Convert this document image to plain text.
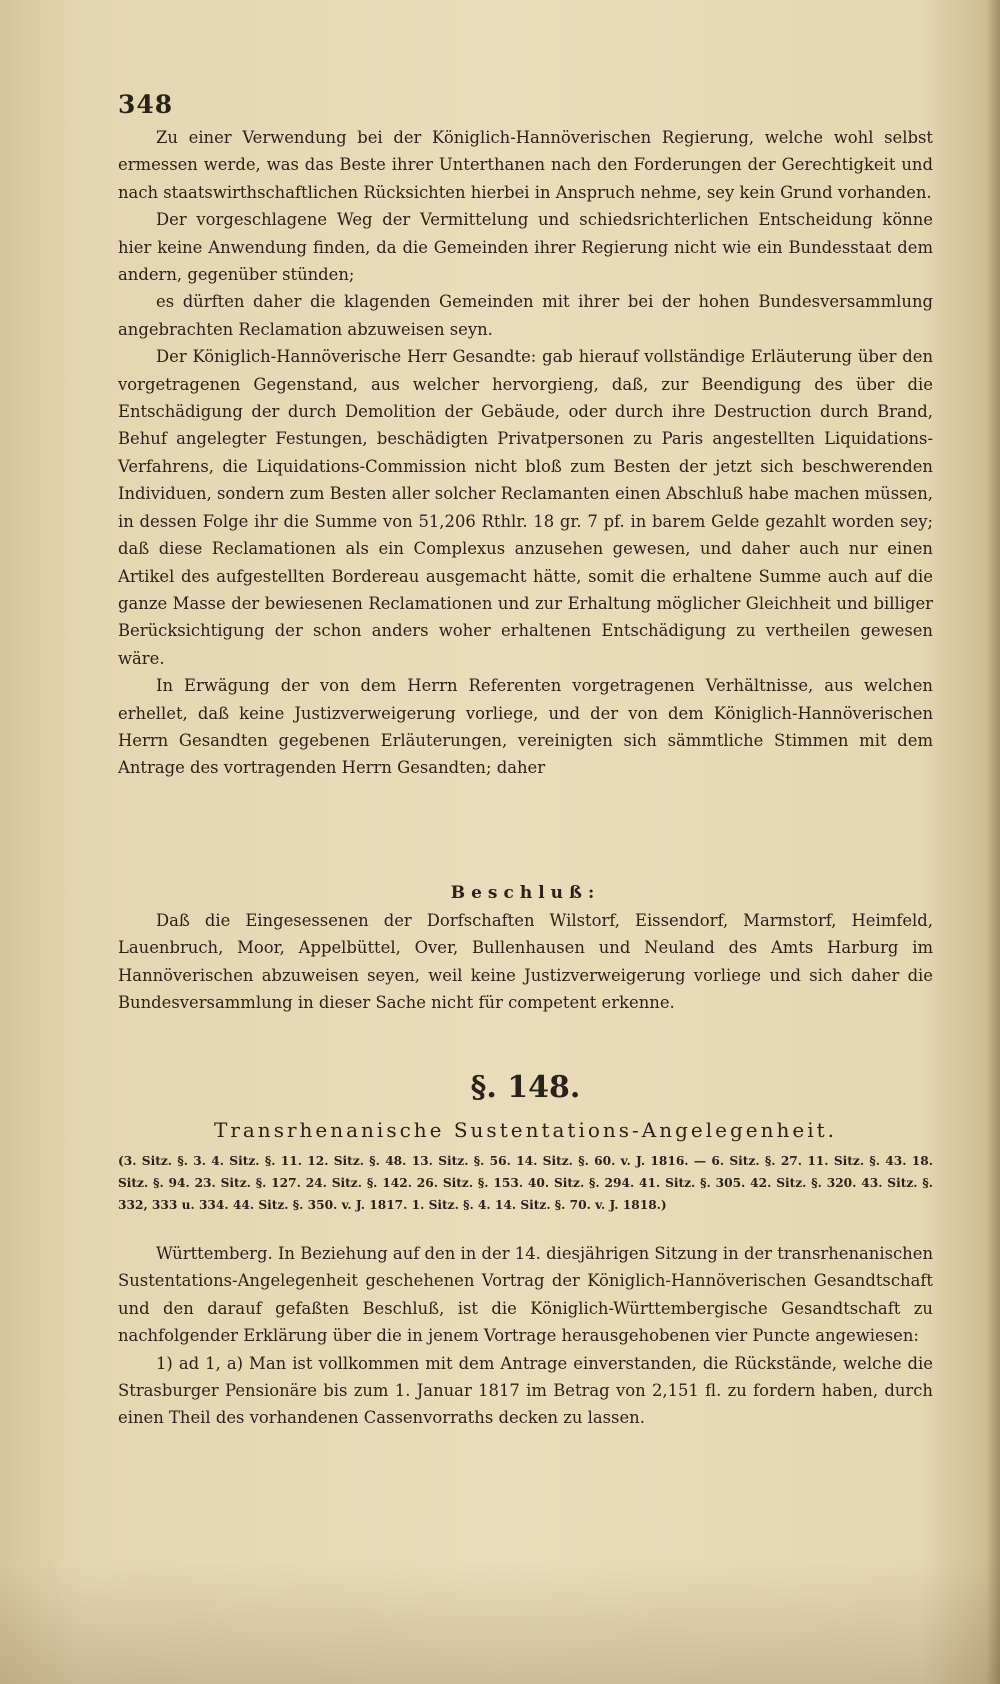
348

Zu einer Verwendung bei der Königlich-Hannöverischen Regierung, welche wohl selbst ermessen werde, was das Beste ihrer Unterthanen nach den Forderungen der Gerechtigkeit und nach staatswirthschaftlichen Rücksichten hierbei in Anspruch nehme, sey kein Grund vorhanden.

Der vorgeschlagene Weg der Vermittelung und schiedsrichterlichen Entscheidung könne hier keine Anwendung finden, da die Gemeinden ihrer Regierung nicht wie ein Bundesstaat dem andern, gegenüber stünden;

es dürften daher die klagenden Gemeinden mit ihrer bei der hohen Bundesversammlung angebrachten Reclamation abzuweisen seyn.

Der Königlich-Hannöverische Herr Gesandte: gab hierauf vollständige Erläuterung über den vorgetragenen Gegenstand, aus welcher hervorgieng, daß, zur Beendigung des über die Entschädigung der durch Demolition der Gebäude, oder durch ihre Destruction durch Brand, Behuf angelegter Festungen, beschädigten Privatpersonen zu Paris angestellten Liquidations-Verfahrens, die Liquidations-Commission nicht bloß zum Besten der jetzt sich beschwerenden Individuen, sondern zum Besten aller solcher Reclamanten einen Abschluß habe machen müssen, in dessen Folge ihr die Summe von 51,206 Rthlr. 18 gr. 7 pf. in barem Gelde gezahlt worden sey; daß diese Reclamationen als ein Complexus anzusehen gewesen, und daher auch nur einen Artikel des aufgestellten Bordereau ausgemacht hätte, somit die erhaltene Summe auch auf die ganze Masse der bewiesenen Reclamationen und zur Erhaltung möglicher Gleichheit und billiger Berücksichtigung der schon anders woher erhaltenen Entschädigung zu vertheilen gewesen wäre.

In Erwägung der von dem Herrn Referenten vorgetragenen Verhältnisse, aus welchen erhellet, daß keine Justizverweigerung vorliege, und der von dem Königlich-Hannöverischen Herrn Gesandten gegebenen Erläuterungen, vereinigten sich sämmtliche Stimmen mit dem Antrage des vortragenden Herrn Gesandten; daher

Beschluß:

Daß die Eingesessenen der Dorfschaften Wilstorf, Eissendorf, Marmstorf, Heimfeld, Lauenbruch, Moor, Appelbüttel, Over, Bullenhausen und Neuland des Amts Harburg im Hannöverischen abzuweisen seyen, weil keine Justizverweigerung vorliege und sich daher die Bundesversammlung in dieser Sache nicht für competent erkenne.

§. 148.
Transrhenanische Sustentations-Angelegenheit.
(3. Sitz. §. 3. 4. Sitz. §. 11. 12. Sitz. §. 48. 13. Sitz. §. 56. 14. Sitz. §. 60. v. J. 1816. — 6. Sitz. §. 27. 11. Sitz. §. 43. 18. Sitz. §. 94. 23. Sitz. §. 127. 24. Sitz. §. 142. 26. Sitz. §. 153. 40. Sitz. §. 294. 41. Sitz. §. 305. 42. Sitz. §. 320. 43. Sitz. §. 332, 333 u. 334. 44. Sitz. §. 350. v. J. 1817. 1. Sitz. §. 4. 14. Sitz. §. 70. v. J. 1818.)

Württemberg. In Beziehung auf den in der 14. diesjährigen Sitzung in der transrhenanischen Sustentations-Angelegenheit geschehenen Vortrag der Königlich-Hannöverischen Gesandtschaft und den darauf gefaßten Beschluß, ist die Königlich-Württembergische Gesandtschaft zu nachfolgender Erklärung über die in jenem Vortrage herausgehobenen vier Puncte angewiesen:

1) ad 1, a) Man ist vollkommen mit dem Antrage einverstanden, die Rückstände, welche die Strasburger Pensionäre bis zum 1. Januar 1817 im Betrag von 2,151 fl. zu fordern haben, durch einen Theil des vorhandenen Cassenvorraths decken zu lassen.
